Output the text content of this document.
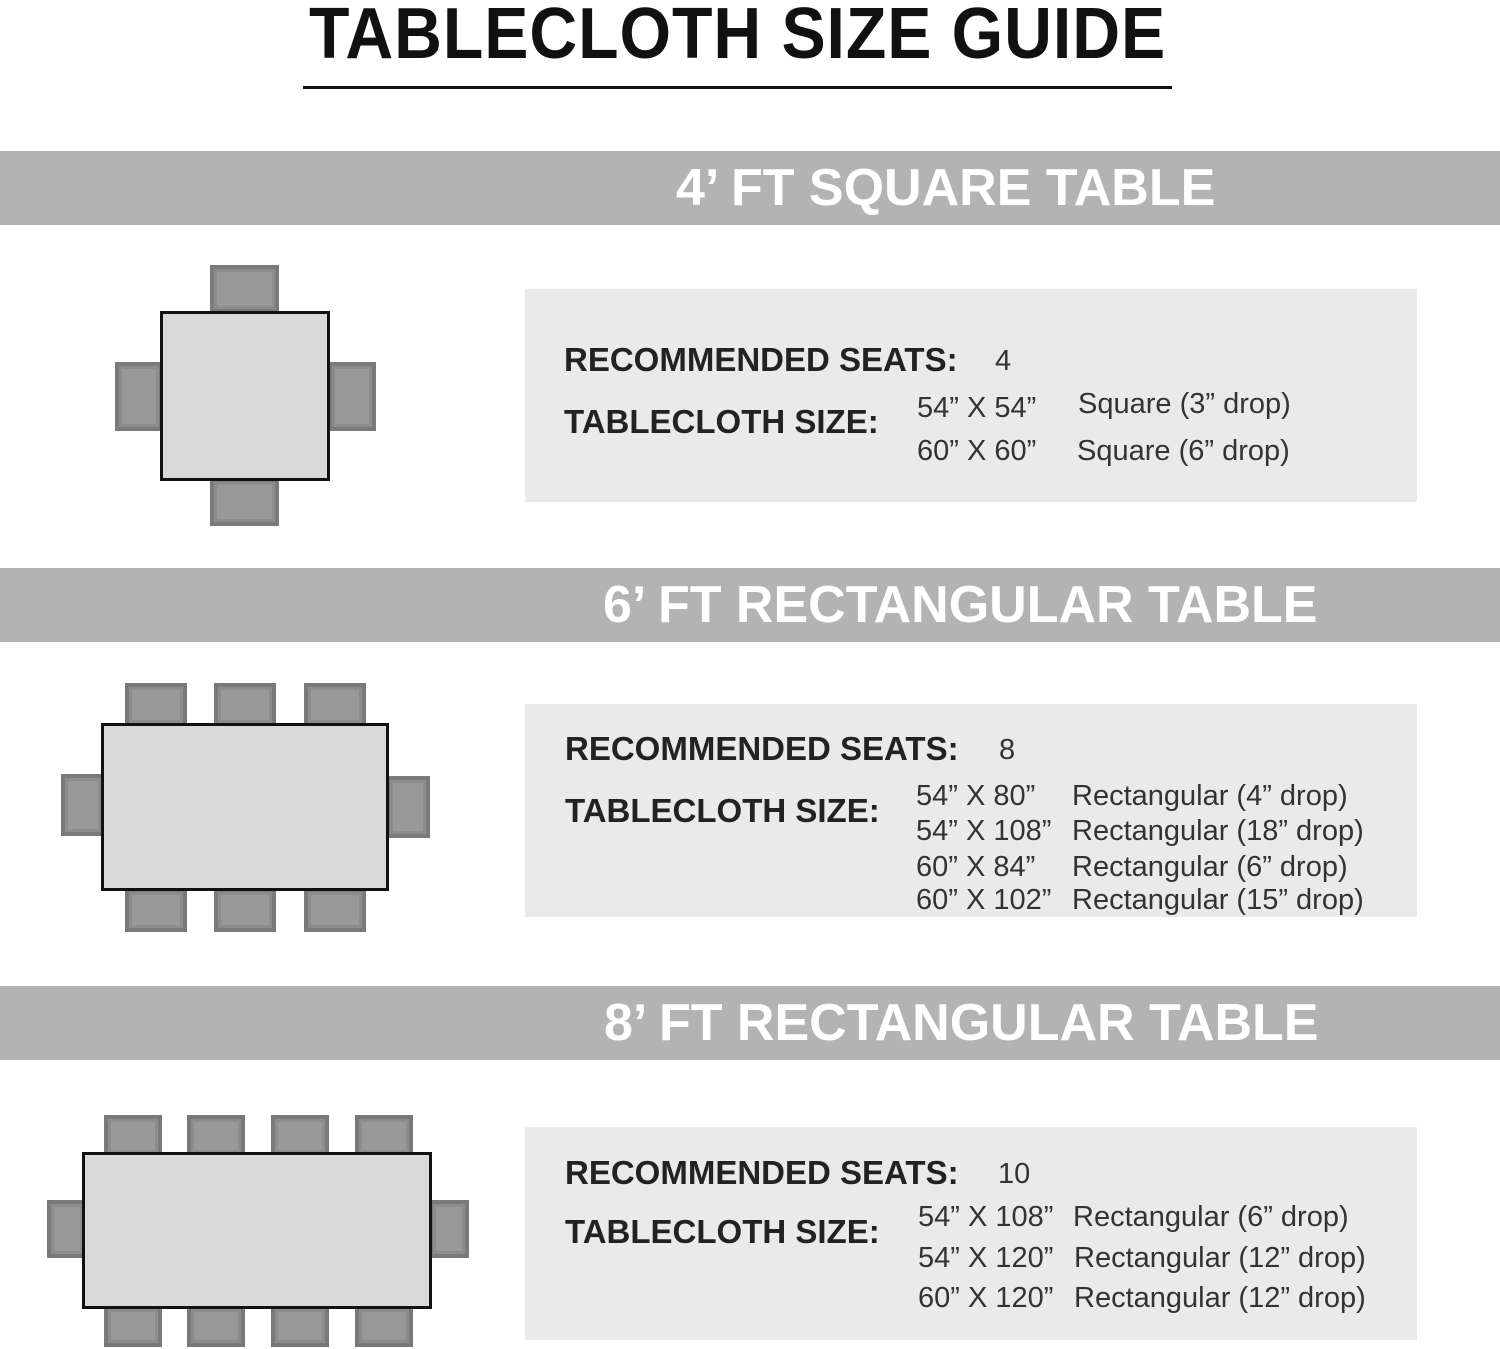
TABLECLOTH SIZE GUIDE
4’ FT SQUARE TABLE
RECOMMENDED SEATS: 4
TABLECLOTH SIZE: 54” X 54” Square (3” drop)
60” X 60” Square (6” drop)
6’ FT RECTANGULAR TABLE
RECOMMENDED SEATS: 8
TABLECLOTH SIZE: 54” X 80” Rectangular (4” drop)
54” X 108” Rectangular (18” drop)
60” X 84” Rectangular (6” drop)
60” X 102” Rectangular (15” drop)
8’ FT RECTANGULAR TABLE
RECOMMENDED SEATS: 10
TABLECLOTH SIZE: 54” X 108” Rectangular (6” drop)
54” X 120” Rectangular (12” drop)
60” X 120” Rectangular (12” drop)
